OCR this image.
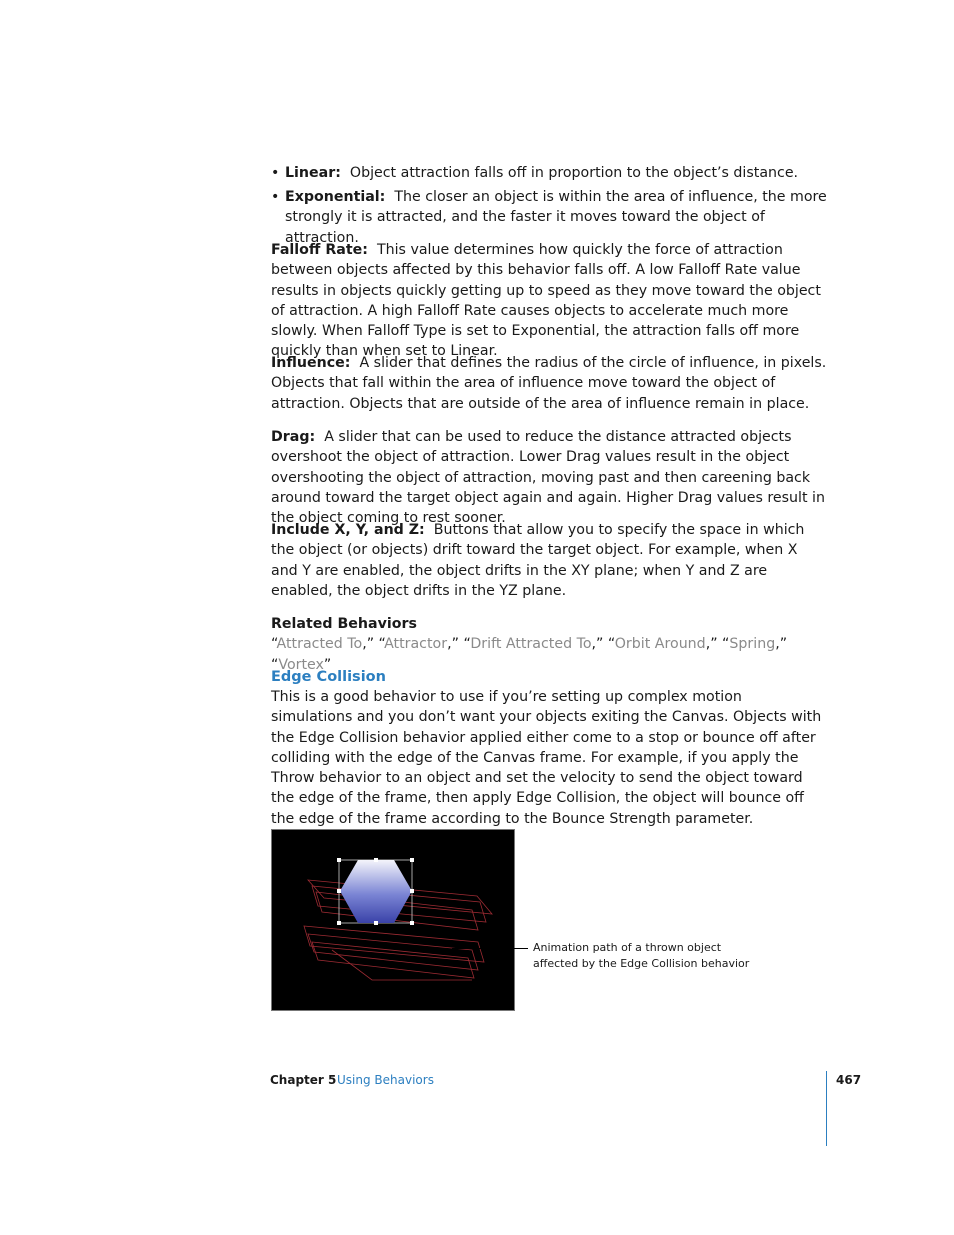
• Linear: Object attraction falls off in proportion to the object’s distance.
• Exponential: The closer an object is within the area of influence, the more strongly it is attracted, and the faster it moves toward the object of attraction.

Falloff Rate: This value determines how quickly the force of attraction between objects affected by this behavior falls off. A low Falloff Rate value results in objects quickly getting up to speed as they move toward the object of attraction. A high Falloff Rate causes objects to accelerate much more slowly. When Falloff Type is set to Exponential, the attraction falls off more quickly than when set to Linear.

Influence: A slider that defines the radius of the circle of influence, in pixels. Objects that fall within the area of influence move toward the object of attraction. Objects that are outside of the area of influence remain in place.

Drag: A slider that can be used to reduce the distance attracted objects overshoot the object of attraction. Lower Drag values result in the object overshooting the object of attraction, moving past and then careening back around toward the target object again and again. Higher Drag values result in the object coming to rest sooner.

Include X, Y, and Z: Buttons that allow you to specify the space in which the object (or objects) drift toward the target object. For example, when X and Y are enabled, the object drifts in the XY plane; when Y and Z are enabled, the object drifts in the YZ plane.

Related Behaviors

“Attracted To,” “Attractor,” “Drift Attracted To,” “Orbit Around,” “Spring,” “Vortex”

Edge Collision

This is a good behavior to use if you’re setting up complex motion simulations and you don’t want your objects exiting the Canvas. Objects with the Edge Collision behavior applied either come to a stop or bounce off after colliding with the edge of the Canvas frame. For example, if you apply the Throw behavior to an object and set the velocity to send the object toward the edge of the frame, then apply Edge Collision, the object will bounce off the edge of the frame according to the Bounce Strength parameter.

Animation path of a thrown object
affected by the Edge Collision behavior
Chapter 5 Using Behaviors	467
